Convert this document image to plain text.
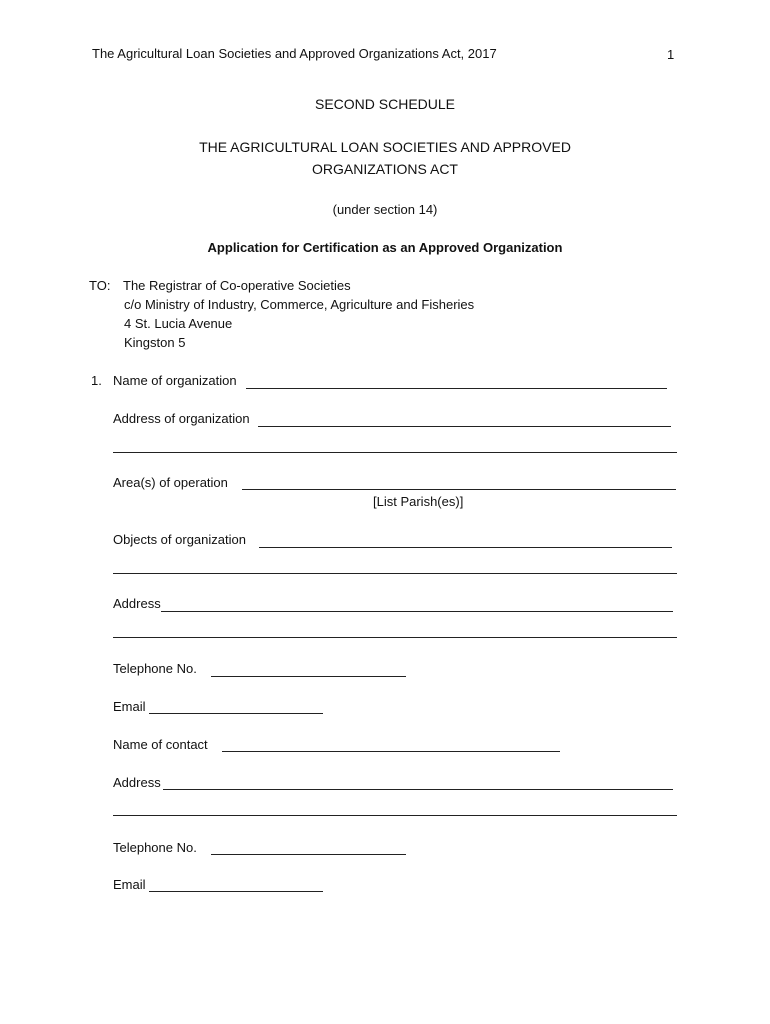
The Agricultural Loan Societies and Approved Organizations Act, 2017	1
SECOND SCHEDULE
THE AGRICULTURAL LOAN SOCIETIES AND APPROVED
ORGANIZATIONS ACT
(under section 14)
Application for Certification as an Approved Organization
TO: The Registrar of Co-operative Societies
c/o Ministry of Industry, Commerce, Agriculture and Fisheries
4 St. Lucia Avenue
Kingston 5
1. Name of organization
Address of organization
Area(s) of operation
[List Parish(es)]
Objects of organization
Address
Telephone No.
Email
Name of contact
Address
Telephone No.
Email
